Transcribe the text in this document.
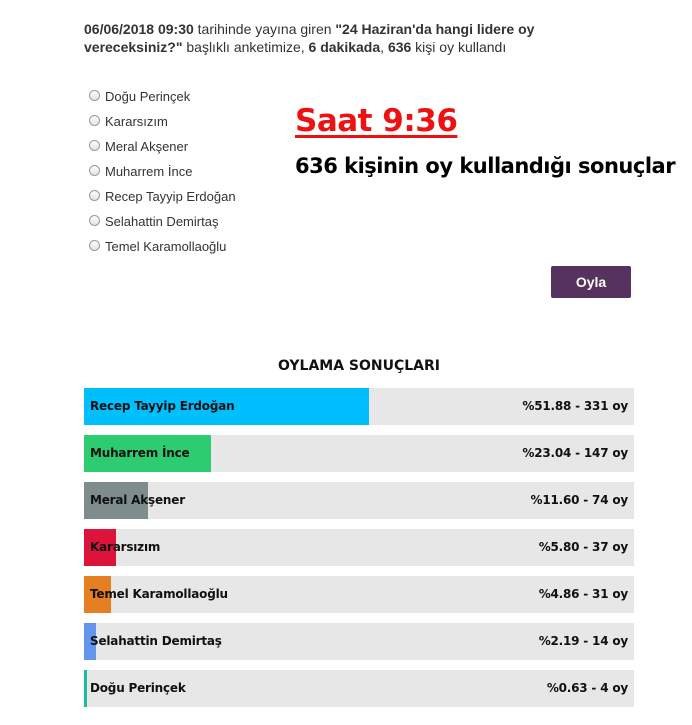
06/06/2018 09:30 tarihinde yayına giren "24 Haziran'da hangi lidere oy vereceksiniz?" başlıklı anketimize, 6 dakikada, 636 kişi oy kullandı
Doğu Perinçek
Kararsızım
Meral Akşener
Muharrem İnce
Recep Tayyip Erdoğan
Selahattin Demirtaş
Temel Karamollaoğlu
Saat 9:36
636 kişinin oy kullandığı sonuçlar
Oyla
OYLAMA SONUÇLARI
Recep Tayyip Erdoğan	%51.88 - 331 oy
Muharrem İnce	%23.04 - 147 oy
Meral Akşener	%11.60 - 74 oy
Kararsızım	%5.80 - 37 oy
Temel Karamollaoğlu	%4.86 - 31 oy
Selahattin Demirtaş	%2.19 - 14 oy
Doğu Perinçek	%0.63 - 4 oy
